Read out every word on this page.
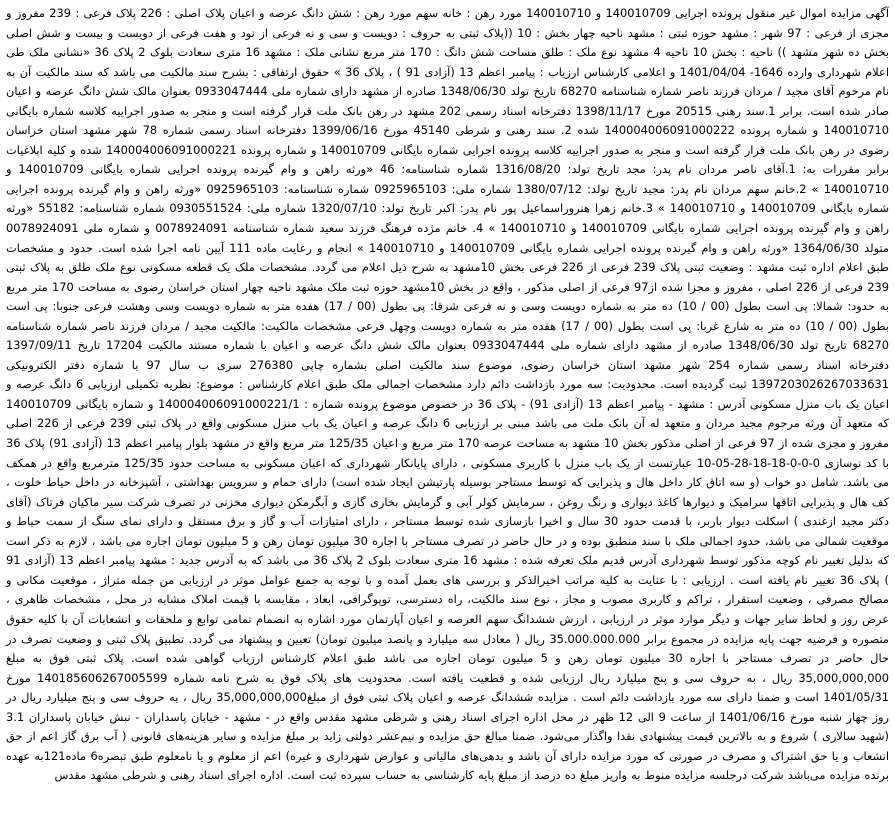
آگهی مزایده اموال غیر منقول پرونده اجرایی 140010709 و 140010710 مورد رهن : خانه سهم مورد رهن : شش دانگ عرصه و اعیان پلاک اصلی : 226 پلاک فرعی : 239 مفروز و مجزی از فرعی : 97 شهر : مشهد حوزه ثبتی : مشهد ناحیه چهار بخش : 10 ((پلاک ثبتی به حروف : دویست و سی و نه فرعی از نود و هفت فرعی از دویست و بیست و شش اصلی بخش ده شهر مشهد )) ناحیه : بخش 10 ناحیه 4 مشهد نوع ملک : طلق مساحت شش دانگ : 170 متر مربع نشانی ملک : مشهد 16 متری سعادت بلوک 2 پلاک 36 «نشانی ملک طی اعلام شهرداری وارده 1646- 1401/04/04 و اعلامی کارشناس ارزیاب : پیامبر اعظم 13 (آزادی 91 ) ، پلاک 36 » حقوق ارتفاقی : بشرح سند مالکیت می باشد که سند مالکیت آن به نام مرحوم آقای مجید / مردان فرزند ناصر شماره شناسنامه 68270 تاریخ تولد 1348/06/30 صادره از مشهد دارای شماره ملی 0933047444 بعنوان مالک شش دانگ عرصه و اعیان صادر شده است. برابر 1.سند رهنی 20515 مورخ 1398/11/17 دفترخانه اسناد رسمی 202 مشهد در رهن بانک ملت قرار گرفته است و منجر به صدور اجراییه کلاسه شماره بایگانی 140010710 و شماره پرونده 140004006091000222 شده 2. سند رهنی و شرطی 45140 مورخ 1399/06/16 دفترخانه اسناد رسمی شماره 78 شهر مشهد استان خراسان رضوی در رهن بانک ملت قرار گرفته است و منجر به صدور اجراییه کلاسه پرونده اجرایی شماره بایگانی 140010709 و شماره پرونده 140004006091000221 شده و کلیه ابلاغیات برابر مقررات به: 1.آقای ناصر مردان نام پدر: مجد تاریخ تولد: 1316/08/20 شماره شناسنامه: 46 «ورثه راهن و وام گیرنده پرونده اجرایی شماره بایگانی 140010709 و 140010710 » 2.خانم سهم مردان نام پدر: مجید تاریخ تولد: 1380/07/12 شماره ملی: 0925965103 شماره شناسنامه: 0925965103 «ورثه راهن و وام گیرنده پرونده اجرایی شماره بایگانی 140010709 و 140010710 » 3.خانم زهرا هنروراسماعیل پور نام پدر: اکبر تاریخ تولد: 1320/07/10 شماره ملی: 0930551524 شماره شناسنامه: 55182 «ورثه راهن و وام گیرنده پرونده اجرایی شماره بایگانی 140010709 و 140010710 » 4. خانم مژده فرهنگ فرزند سعید شماره شناسنامه 0078924091 و شماره ملی 0078924091 متولد 1364/06/30 «ورثه راهن و وام گیرنده پرونده اجرایی شماره بایگانی 140010709 و 140010710 » انجام و رعایت ماده 111 آیین نامه اجرا شده است. حدود و مشخصات طبق اعلام اداره ثبت مشهد : وضعیت ثبتی پلاک 239 فرعی از 226 فرعی بخش 10مشهد به شرح ذیل اعلام می گردد. مشخصات ملک یک قطعه مسکونی نوع ملک طلق به پلاک ثبتی 239 فرعی از 226 اصلی ، مفروز و مجزا شده از97 فرعی از اصلی مذکور ، واقع در بخش 10مشهد حوزه ثبت ملک مشهد ناحیه چهار استان خراسان رضوی به مساحت 170 متر مربع به حدود: شمالا: پی است بطول (00 / 10) ده متر به شماره دویست وسی و نه فرعی شرقا: پی بطول (00 / 17) هفده متر به شماره دویست وسی وهشت فرعی جنوبا: پی است بطول (00 / 10) ده متر به شارع غربا: پی است بطول (00 / 17) هفده متر به شماره دویست وچهل فرعی مشخصات مالکیت: مالکیت مجید / مردان فرزند ناصر شماره شناسنامه 68270 تاریخ تولد 1348/06/30 صادره از مشهد دارای شماره ملی 0933047444 بعنوان مالک شش دانگ عرصه و اعیان با شماره مستند مالکیت 17204 تاریخ 1397/09/11 دفترخانه اسناد رسمی شماره 254 شهر مشهد استان خراسان رضوی، موضوع سند مالکیت اصلی بشماره چاپی 276380 سری ب سال 97 با شماره دفتر الکترونیکی 139720302626703363​1 ثبت گردیده است. محدودیت: سه مورد بازداشت دائم دارد مشخصات اجمالی ملک طبق اعلام کارشناس : موضوع: نظریه تکمیلی ارزیابی 6 دانگ عرصه و اعیان یک باب منزل مسکونی آدرس : مشهد - پیامبر اعظم 13 (آزادی 91) - پلاک 36 در خصوص موضوع پرونده شماره : 140004006091000221/1 و شماره بایگانی 140010709 که متعهد آن ورثه مرحوم مجید مردان و متعهد له آن بانک ملت می باشد مبنی بر ارزیابی 6 دانگ عرصه و اعیان یک باب منزل مسکونی واقع در پلاک ثبتی 239 فرعی از 226 اصلی مفروز و مجزی شده از 97 فرعی از اصلی مذکور بخش 10 مشهد به مساحت عرصه 170 متر مربع و اعیان 125/35 متر مربع واقع در مشهد بلوار پیامبر اعظم 13 (آزادی 91) پلاک 36 با کد نوسازی 0-0-0-18-18-28-05-10 عبارتست از یک باب منزل با کاربری مسکونی ، دارای پایانکار شهرداری که اعیان مسکونی به مساحت حدود 125/35 مترمربع واقع در همکف می باشد. شامل دو خواب (و سه اتاق کار داخل هال و پذیرایی که توسط مستاجر بوسیله پارتیشن ایجاد شده است) دارای حمام و سرویس بهداشتی ، آشپزخانه در داخل حیاط خلوت ، کف هال و پذیرایی اتاقها سرامیک و دیوارها کاغذ دیواری و رنگ روغن ، سرمایش کولر آبی و گرمایش بخاری گازی و آبگرمکن دیواری مخزنی در تصرف شرکت سیر ماکیان فرتاک (آقای دکتر مجید ازغندی ) اسکلت دیوار باربر، با قدمت حدود 30 سال و اخیرا بازسازی شده توسط مستاجر ، دارای امتیازات آب و گاز و برق مستقل و دارای نمای سنگ از سمت حیاط و موقعیت شمالی می باشد، حدود اجمالی ملک با سند منطبق بوده و در حال حاضر در تصرف مستاجر با اجاره 30 میلیون تومان رهن و 5 میلیون تومان اجاره می باشد ، لازم به ذکر است که بدلیل تغییر نام کوچه مذکور توسط شهرداری آدرس قدیم ملک تعرفه شده : مشهد 16 متری سعادت بلوک 2 پلاک 36 می باشد که به آدرس جدید : مشهد پیامبر اعظم 13 (آزادی 91 ) پلاک 36 تغییر نام یافته است . ارزیابی : با عنایت به کلیه مراتب اخیرالذکر و بررسی های بعمل آمده و با توجه به جمیع عوامل موثر در ارزیابی من جمله متراژ ، موقعیت مکانی و مصالح مصرفی ، وضعیت استقرار ، تراکم و کاربری مصوب و مجاز ، نوع سند مالکیت، راه دسترسی، توپوگرافی، ابعاد ، مقایسه با قیمت املاک مشابه در محل ، مشخصات ظاهری ، عرض روز و لحاظ سایر جهات و دیگر موارد موثر در ارزیابی ، ارزش ششدانگ سهم العرصه و اعیان آپارتمان مورد اشاره به انضمام تمامی توابع و ملحقات و انشعابات آن با کلیه حقوق متصوره و فرضیه جهت پایه مزایده در مجموع برابر 35.000.000.000 ریال ( معادل سه میلیارد و پانصد میلیون تومان) تعیین و پیشنهاد می گردد. تطبیق پلاک ثبتی و وضعیت تصرف در حال حاضر در تصرف مستاجر با اجاره 30 میلیون تومان رهن و 5 میلیون تومان اجاره می باشد طبق اعلام کارشناس ارزیاب گواهی شده است. پلاک ثبتی فوق به مبلغ 35,000,000,000 ریال ، به حروف سی و پنج میلیارد ریال ارزیابی شده و قطعیت یافته است. محدودیت های پلاک فوق به شرح نامه شماره 140185606267005599 مورخ 1401/05/31 است و ضمنا دارای سه مورد بازداشت دائم است . مزایده ششدانگ عرصه و اعیان پلاک ثبتی فوق از مبلغ35,000,000,000 ریال ، به حروف سی و پنج میلیارد ریال در روز چهار شنبه مورخ 1401/06/16 از ساعت 9 الی 12 ظهر در محل اداره اجرای اسناد رهنی و شرطی مشهد مقدس واقع در - مشهد - خیابان پاسداران - نبش خیابان پاسداران 3.1 (شهید سالاری ) شروع و به بالاترین قیمت پیشنهادی نقدا واگذار می‌شود. ضمنا مبالغ حق مزایده و نیم‌عشر دولتی زاید بر مبلغ مزایده و سایر هزینه‌های قانونی ( آب برق گاز اعم از حق انشعاب و یا حق اشتراک و مصرف در صورتی که مورد مزایده دارای آن باشد و بدهی‌های مالیاتی و عوارض شهرداری و غیره) اعم از معلوم و یا نامعلوم طبق تبصره6 ماده121به عهده برنده مزایده می‌باشد شرکت درجلسه مزایده منوط به واریز مبلغ ده درصد از مبلغ پایه کارشناسی به حساب سپرده ثبت است. اداره اجرای اسناد رهنی و شرطی مشهد مقدس
